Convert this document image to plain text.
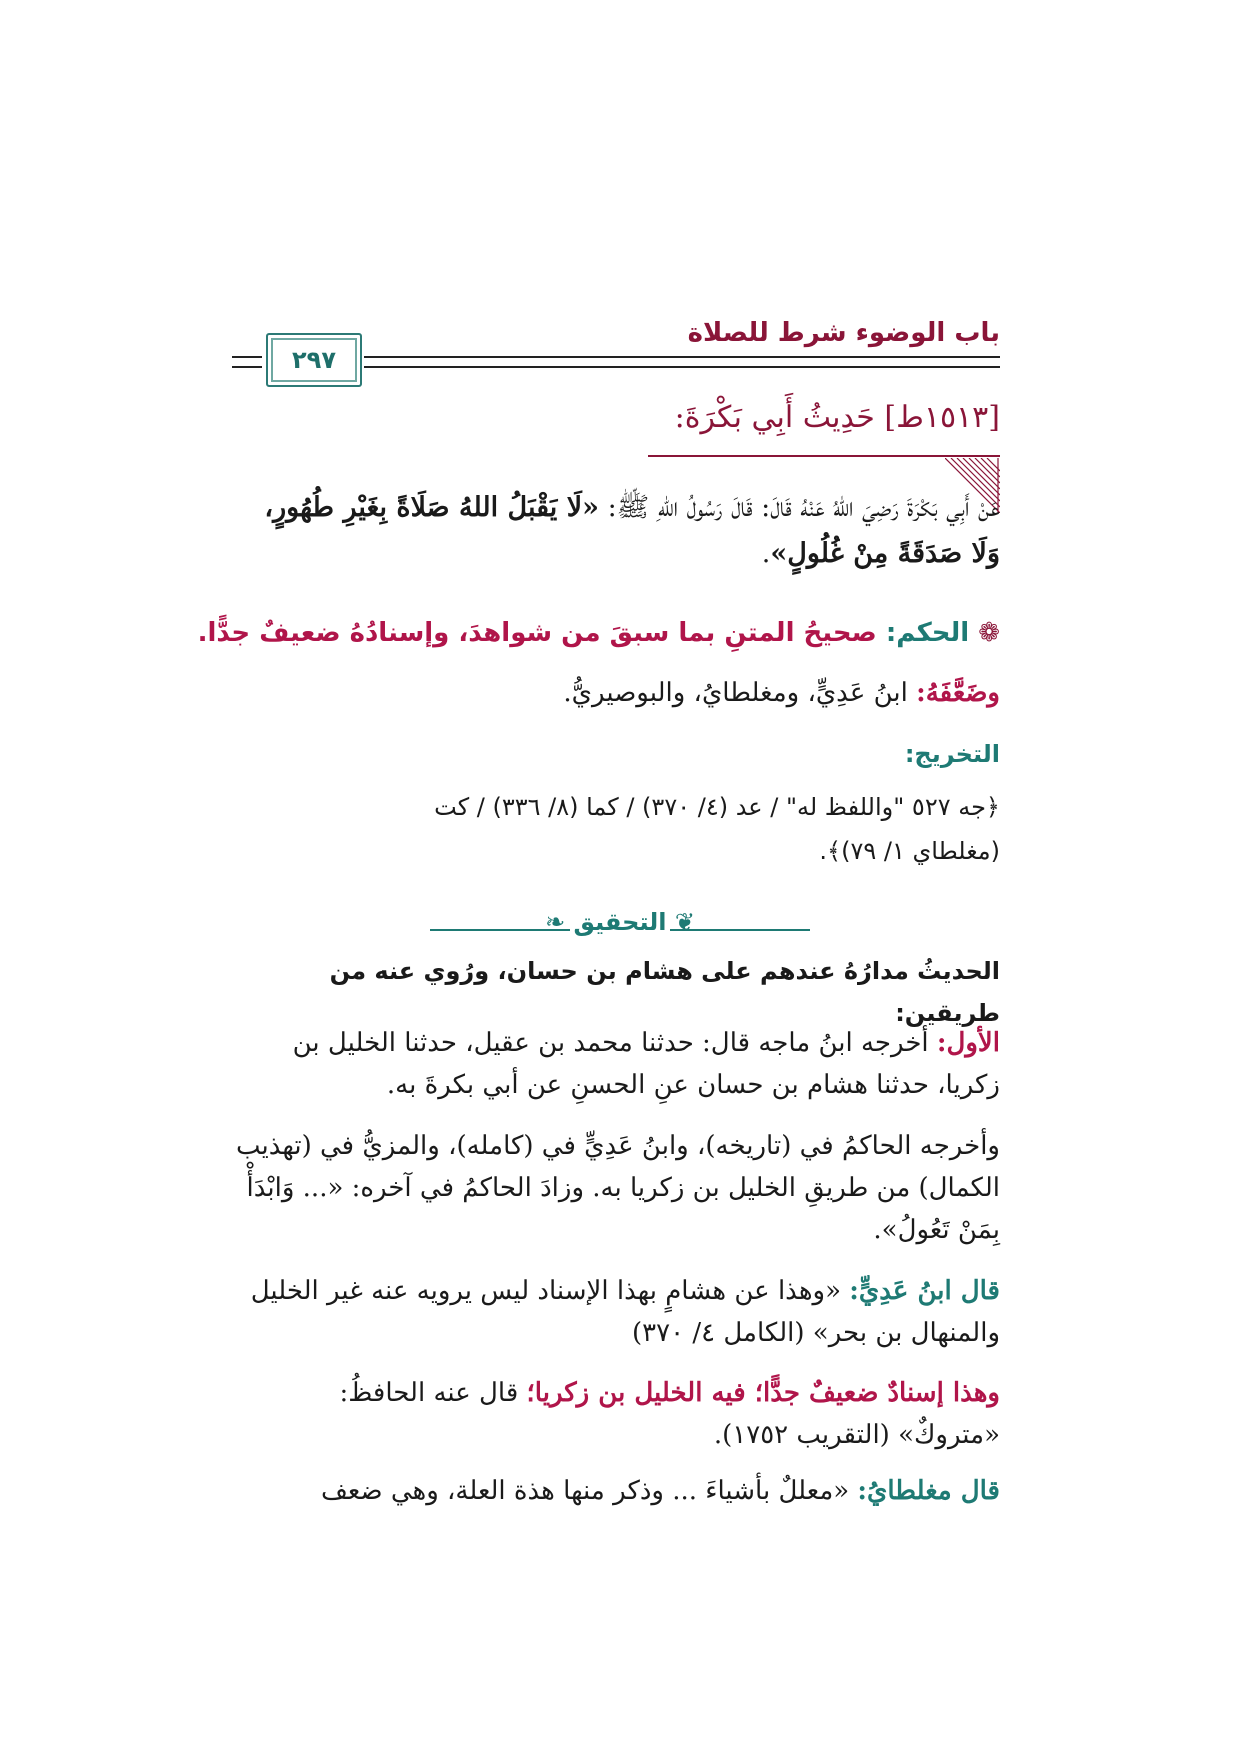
باب الوضوء شرط للصلاة
٢٩٧
[١٥١٣ط] حَدِيثُ أَبِي بَكْرَةَ:
عَنْ أَبِي بَكْرَةَ رَضِيَ اللهُ عَنْهُ قَالَ: قَالَ رَسُولُ اللهِ ﷺ: «لَا يَقْبَلُ اللهُ صَلَاةً بِغَيْرِ طُهُورٍ، وَلَا صَدَقَةً مِنْ غُلُولٍ».
❁ الحكم: صحيحُ المتنِ بما سبقَ من شواهدَ، وإسنادُهُ ضعيفٌ جدًّا.
وضَعَّفَهُ: ابنُ عَدِيٍّ، ومغلطايُ، والبوصيريُّ.
التخريج:
﴿جه ٥٢٧ "واللفظ له" / عد (٤/ ٣٧٠) / كما (٨/ ٣٣٦) / كت
(مغلطاي ١/ ٧٩)﴾.
❦ التحقيق ❧
الحديثُ مدارُهُ عندهم على هشام بن حسان، ورُوي عنه من طريقين:
الأول: أخرجه ابنُ ماجه قال: حدثنا محمد بن عقيل، حدثنا الخليل بن زكريا، حدثنا هشام بن حسان عنِ الحسنِ عن أبي بكرةَ به.
وأخرجه الحاكمُ في (تاريخه)، وابنُ عَدِيٍّ في (كامله)، والمزيُّ في (تهذيب الكمال) من طريقِ الخليل بن زكريا به. وزادَ الحاكمُ في آخره: «... وَابْدَأْ بِمَنْ تَعُولُ».
قال ابنُ عَدِيٍّ: «وهذا عن هشامٍ بهذا الإسناد ليس يرويه عنه غير الخليل والمنهال بن بحر» (الكامل ٤/ ٣٧٠)
وهذا إسنادٌ ضعيفٌ جدًّا؛ فيه الخليل بن زكريا؛ قال عنه الحافظُ: «متروكٌ» (التقريب ١٧٥٢).
قال مغلطايُ: «معللٌ بأشياءَ ... وذكر منها هذة العلة، وهي ضعف
